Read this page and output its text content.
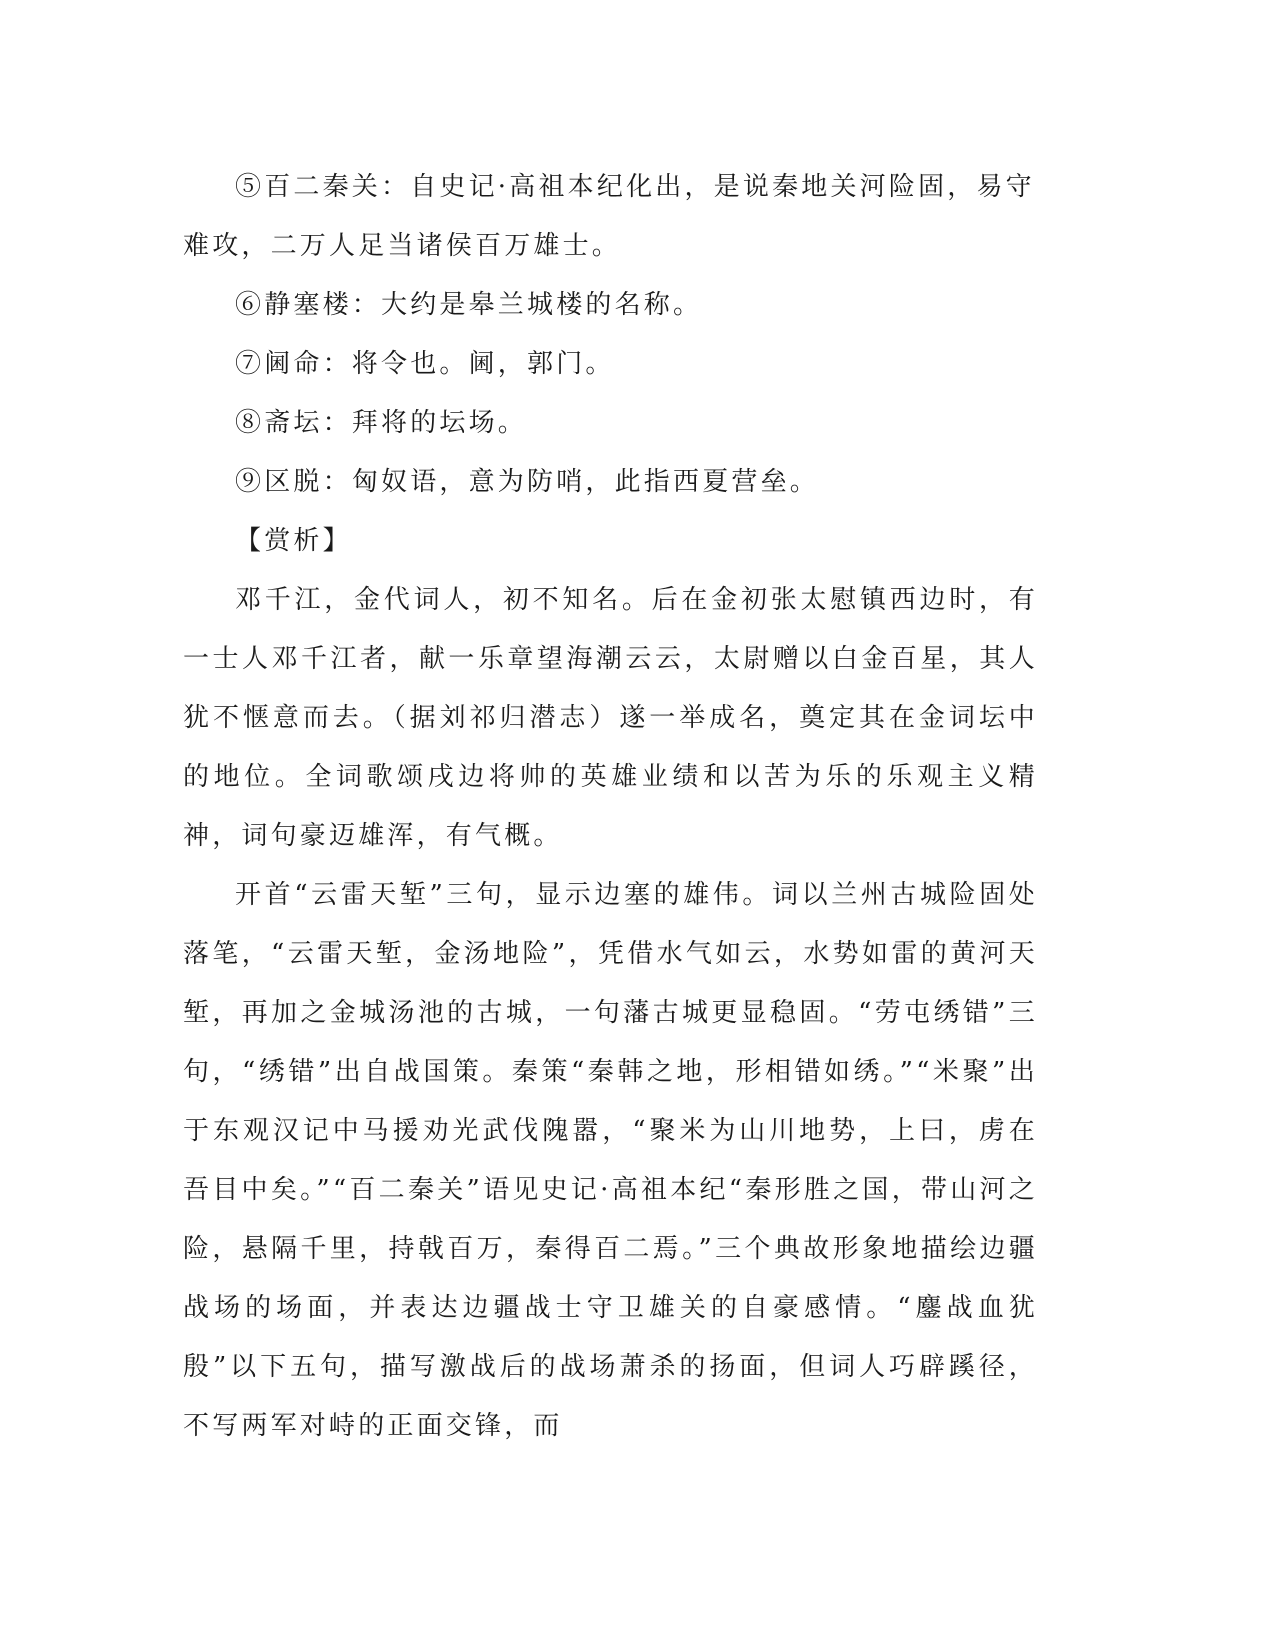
⑤百二秦关：自史记·高祖本纪化出，是说秦地关河险固，易守难攻，二万人足当诸侯百万雄士。

⑥静塞楼：大约是皋兰城楼的名称。

⑦阃命：将令也。阃，郭门。

⑧斋坛：拜将的坛场。

⑨区脱：匈奴语，意为防哨，此指西夏营垒。

【赏析】

邓千江，金代词人，初不知名。后在金初张太慰镇西边时，有一士人邓千江者，献一乐章望海潮云云，太尉赠以白金百星，其人犹不惬意而去。（据刘祁归潜志）遂一举成名，奠定其在金词坛中的地位。全词歌颂戌边将帅的英雄业绩和以苦为乐的乐观主义精神，词句豪迈雄浑，有气概。

开首“云雷天堑”三句，显示边塞的雄伟。词以兰州古城险固处落笔，“云雷天堑，金汤地险”，凭借水气如云，水势如雷的黄河天堑，再加之金城汤池的古城，一句藩古城更显稳固。“劳屯绣错”三句，“绣错”出自战国策。秦策“秦韩之地，形相错如绣。”“米聚”出于东观汉记中马援劝光武伐隗嚣，“聚米为山川地势，上曰，虏在吾目中矣。”“百二秦关”语见史记·高祖本纪“秦形胜之国，带山河之险，悬隔千里，持戟百万，秦得百二焉。”三个典故形象地描绘边疆战场的场面，并表达边疆战士守卫雄关的自豪感情。“鏖战血犹殷”以下五句，描写激战后的战场萧杀的扬面，但词人巧辟蹊径，不写两军对峙的正面交锋，而
